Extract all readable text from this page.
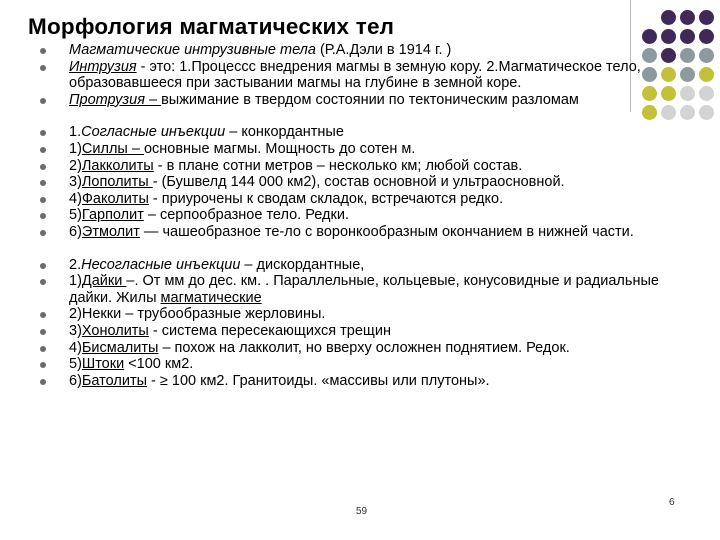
Морфология магматических тел

Магматические интрузивные тела (Р.А.Дэли в 1914 г. )

Интрузия - это: 1.Процессс внедрения магмы в земную кору. 2.Магматическое тело, образовавшееся при застывании магмы на глубине в земной коре.

Протрузия – выжимание в твердом состоянии по тектоническим разломам

1.Согласные инъекции – конкордантные

1)Силлы – основные магмы. Мощность до сотен м.

2)Лакколиты - в плане сотни метров – несколько км; любой состав.

3)Лополиты - (Бушвелд 144 000 км2), состав основной и ультраосновной.

4)Факолиты - приурочены к сводам складок, встречаются редко.

5)Гарполит – серпообразное тело. Редки.

6)Этмолит — чашеобразное те-ло с воронкообразным окончанием в нижней части.

2.Несогласные инъекции – дискордантные,

1)Дайки –. От мм до дес. км. . Параллельные, кольцевые, конусовидные и радиальные дайки. Жилы магматические

2)Некки – трубообразные жерловины.

3)Хонолиты - система пересекающихся трещин

4)Бисмалиты – похож на лакколит, но вверху осложнен поднятием. Редок.

5)Штоки <100 км2.

6)Батолиты - ≥ 100 км2. Гранитоиды. «массивы или плутоны».

59
6
